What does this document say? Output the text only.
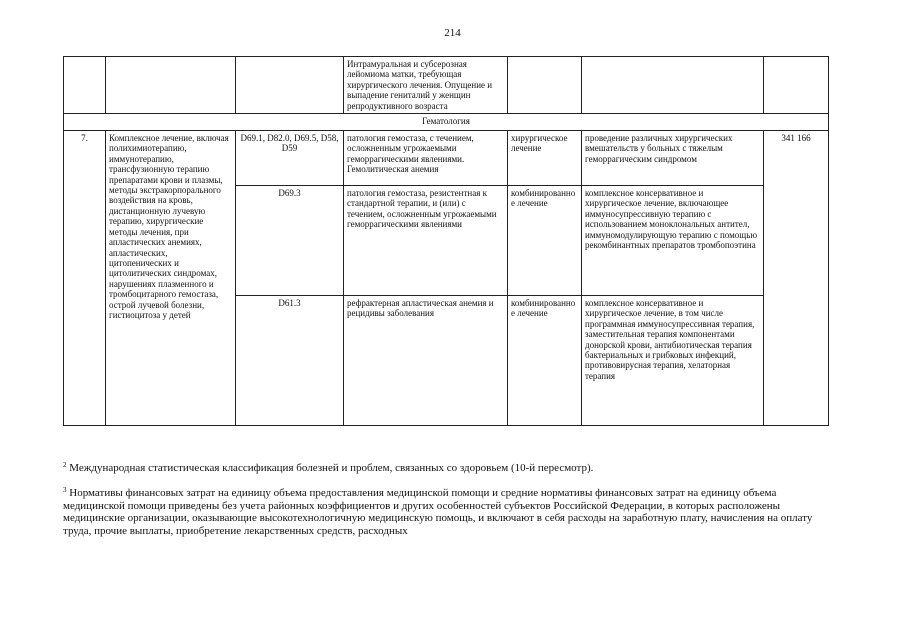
214
			Интрамуральная и субсерозная лейомиома матки, требующая хирургического лечения. Опущение и выпадение гениталий у женщин репродуктивного возраста			
Гематология						
7.	Комплексное лечение, включая полихимиотерапию, иммунотерапию, трансфузионную терапию препаратами крови и плазмы, методы экстракорпорального воздействия на кровь, дистанционную лучевую терапию, хирургические методы лечения, при апластических анемиях, апластических, цитопенических и цитолитических синдромах, нарушениях плазменного и тромбоцитарного гемостаза, острой лучевой болезни, гистиоцитоза у детей	D69.1, D82.0, D69.5, D58, D59	патология гемостаза, с течением, осложненным угрожаемыми геморрагическими явлениями. Гемолитическая анемия	хирургическое лечение	проведение различных хирургических вмешательств у больных с тяжелым геморрагическим синдромом	341 166
		D69.3	патология гемостаза, резистентная к стандартной терапии, и (или) с течением, осложненным угрожаемыми геморрагическими явлениями	комбинированное лечение	комплексное консервативное и хирургическое лечение, включающее иммуносупрессивную терапию с использованием моноклональных антител, иммуномодулирующую терапию с помощью рекомбинантных препаратов тромбопоэтина	
		D61.3	рефрактерная апластическая анемия и рецидивы заболевания	комбинированное лечение	комплексное консервативное и хирургическое лечение, в том числе программная иммуносупрессивная терапия, заместительная терапия компонентами донорской крови, антибиотическая терапия бактериальных и грибковых инфекций, противовирусная терапия, хелаторная терапия	
$^2$ Международная статистическая классификация болезней и проблем, связанных со здоровьем (10-й пересмотр).
$^3$ Нормативы финансовых затрат на единицу объема предоставления медицинской помощи и средние нормативы финансовых затрат на единицу объема медицинской помощи приведены без учета районных коэффициентов и других особенностей субъектов Российской Федерации, в которых расположены медицинские организации, оказывающие высокотехнологичную медицинскую помощь, и включают в себя расходы на заработную плату, начисления на оплату труда, прочие выплаты, приобретение лекарственных средств, расходных
